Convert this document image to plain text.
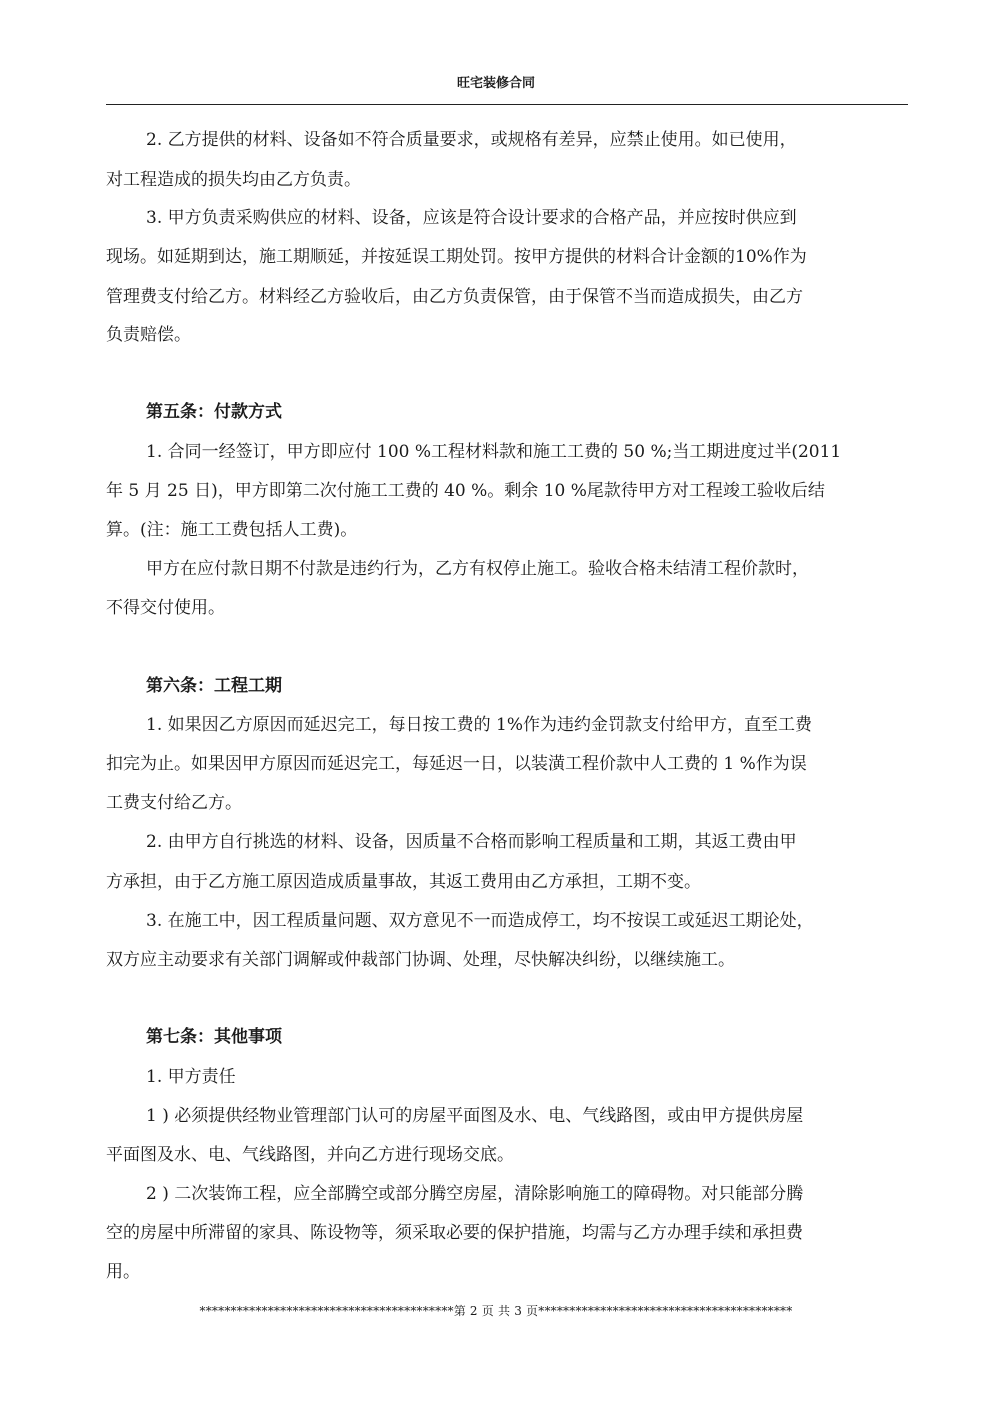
旺宅装修合同
2. 乙方提供的材料、设备如不符合质量要求，或规格有差异，应禁止使用。如已使用，
对工程造成的损失均由乙方负责。
3. 甲方负责采购供应的材料、设备，应该是符合设计要求的合格产品，并应按时供应到
现场。如延期到达，施工期顺延，并按延误工期处罚。按甲方提供的材料合计金额的10%作为
管理费支付给乙方。材料经乙方验收后，由乙方负责保管，由于保管不当而造成损失，由乙方
负责赔偿。
第五条：付款方式
1. 合同一经签订，甲方即应付 100 %工程材料款和施工工费的 50 %;当工期进度过半(2011
年 5 月 25 日)，甲方即第二次付施工工费的 40 %。剩余 10 %尾款待甲方对工程竣工验收后结
算。(注：施工工费包括人工费)。
甲方在应付款日期不付款是违约行为，乙方有权停止施工。验收合格未结清工程价款时，
不得交付使用。
第六条：工程工期
1. 如果因乙方原因而延迟完工，每日按工费的 1%作为违约金罚款支付给甲方，直至工费
扣完为止。如果因甲方原因而延迟完工，每延迟一日，以装潢工程价款中人工费的 1 %作为误
工费支付给乙方。
2. 由甲方自行挑选的材料、设备，因质量不合格而影响工程质量和工期，其返工费由甲
方承担，由于乙方施工原因造成质量事故，其返工费用由乙方承担，工期不变。
3. 在施工中，因工程质量问题、双方意见不一而造成停工，均不按误工或延迟工期论处，
双方应主动要求有关部门调解或仲裁部门协调、处理，尽快解决纠纷，以继续施工。
第七条：其他事项
1. 甲方责任
1 ) 必须提供经物业管理部门认可的房屋平面图及水、电、气线路图，或由甲方提供房屋
平面图及水、电、气线路图，并向乙方进行现场交底。
2 ) 二次装饰工程，应全部腾空或部分腾空房屋，清除影响施工的障碍物。对只能部分腾
空的房屋中所滞留的家具、陈设物等，须采取必要的保护措施，均需与乙方办理手续和承担费
用。
*****************************************第 2 页 共 3 页*****************************************
